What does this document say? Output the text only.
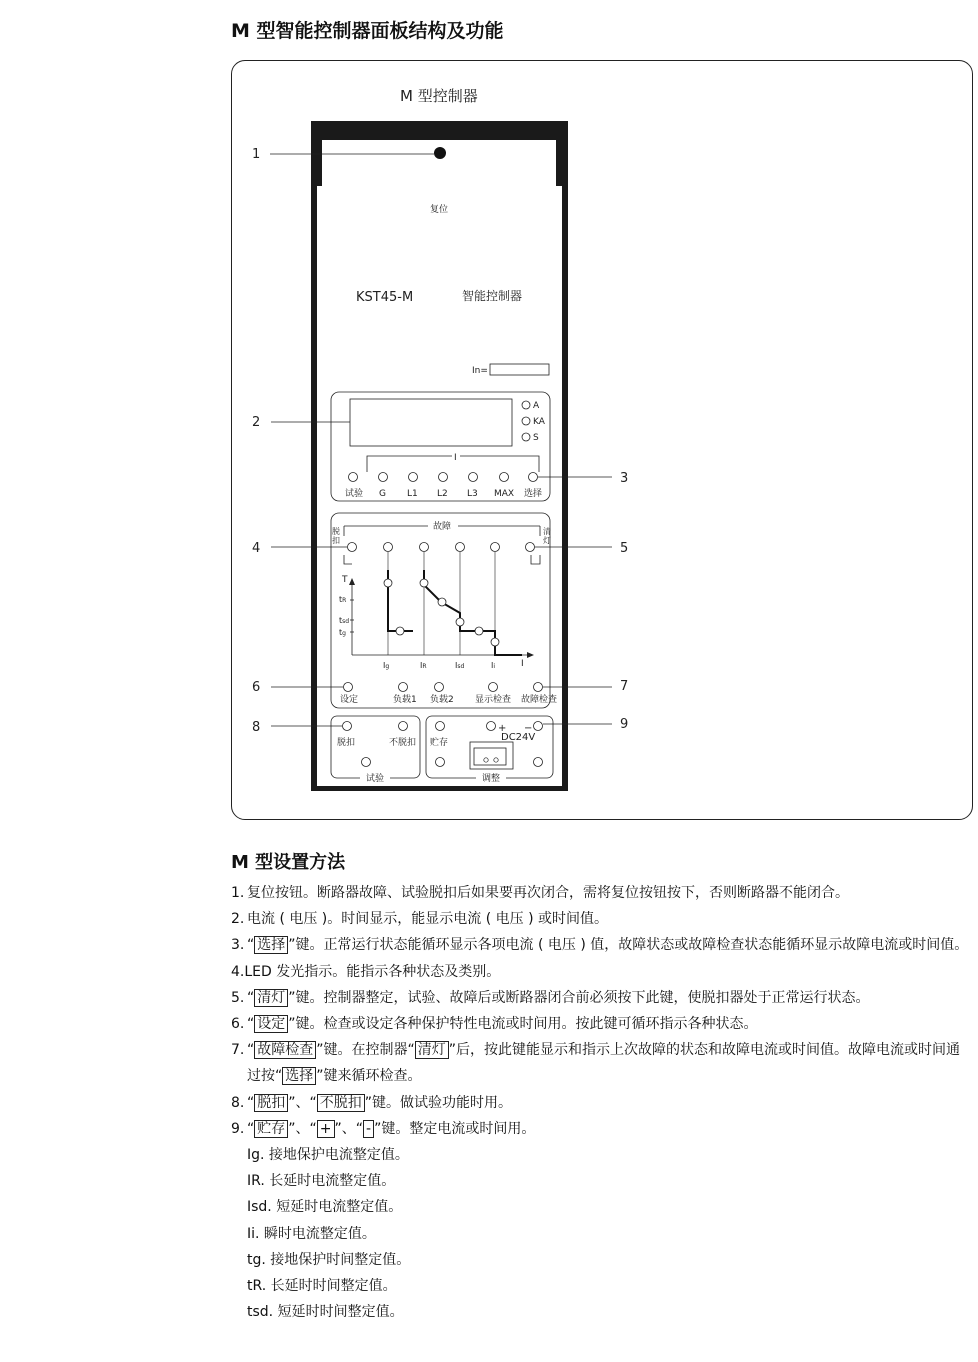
M 型智能控制器面板结构及功能
M 型控制器
复位
KST45-M	智能控制器
In=
A
KA
S
I
试验 G L1 L2 L3 MAX 选择
故障
脱
扣
清
灯
T
I
tR
tsd
tg
Ig	IR	Isd	Ii
设定	负载1 负载2 显示检查 故障检查
脱扣	不脱扣
试验
贮存
+ −
DC24V
调整
1
2
3
4	5
6	7
8	9
M 型设置方法
1. 复位按钮。断路器故障、试验脱扣后如果要再次闭合，需将复位按钮按下，否则断路器不能闭合。
2. 电流 ( 电压 )。时间显示，能显示电流 ( 电压 ) 或时间值。
3. “ 选择 ”键。正常运行状态能循环显示各项电流 ( 电压 ) 值，故障状态或故障检查状态能循环显示故障电流或时间值。
4.LED 发光指示。能指示各种状态及类别。
5. “ 清灯 ”键。控制器整定，试验、故障后或断路器闭合前必须按下此键，使脱扣器处于正常运行状态。
6. “ 设定 ”键。检查或设定各种保护特性电流或时间用。按此键可循环指示各种状态。
7. “ 故障检查 ”键。在控制器“ 清灯 ”后，按此键能显示和指示上次故障的状态和故障电流或时间值。故障电流或时间通过按“ 选择 ”键来循环检查。
8. “ 脱扣 ”、“ 不脱扣 ”键。做试验功能时用。
9. “ 贮存 ”、“ + ”、“ - ”键。整定电流或时间用。
Ig. 接地保护电流整定值。
IR. 长延时电流整定值。
Isd. 短延时电流整定值。
Ii. 瞬时电流整定值。
tg. 接地保护时间整定值。
tR. 长延时时间整定值。
tsd. 短延时时间整定值。
